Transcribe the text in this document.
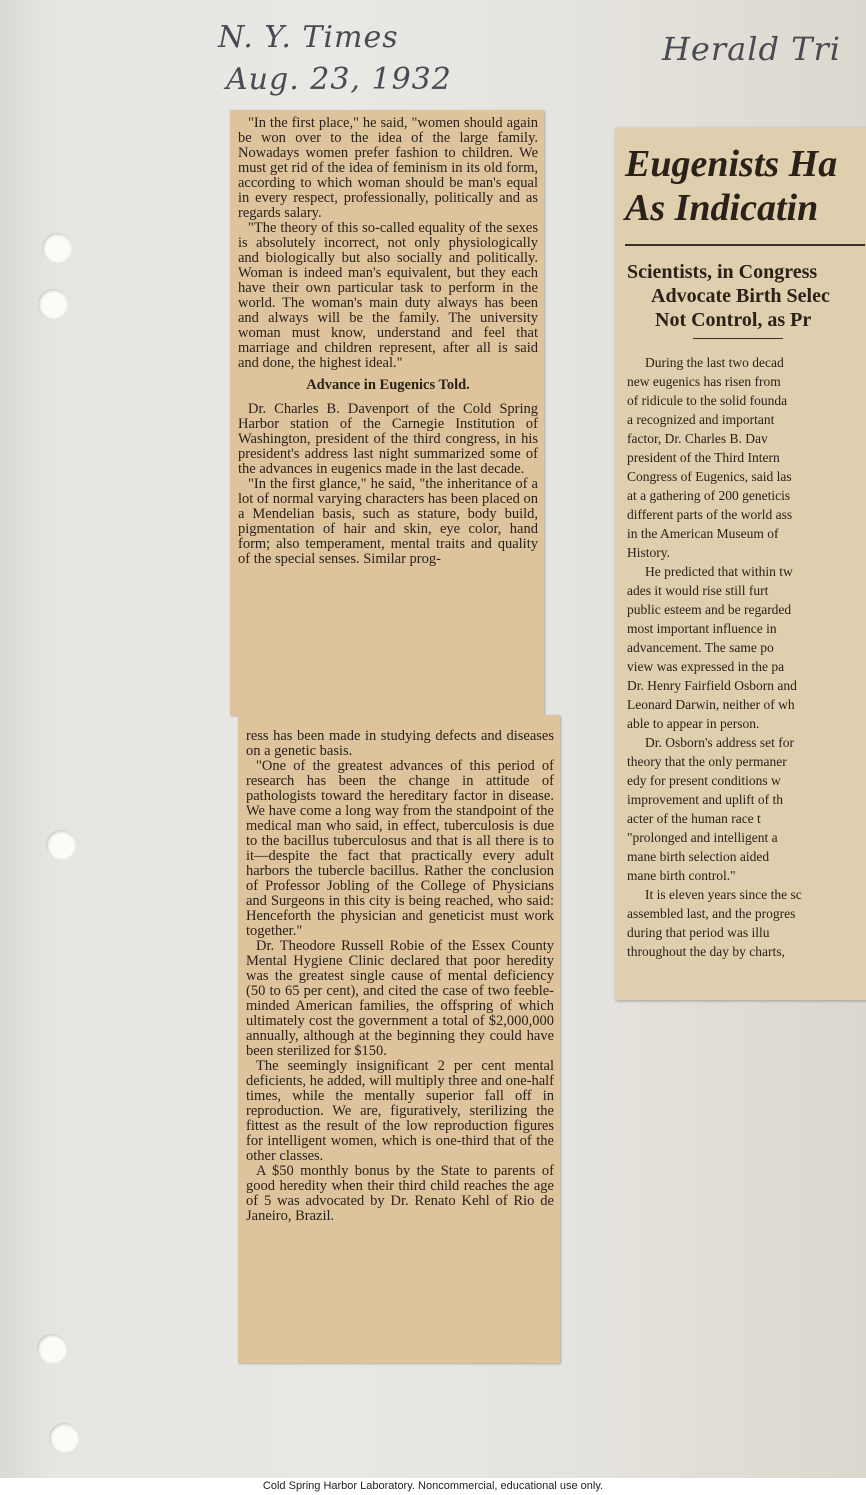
N. Y. Times
Aug. 23, 1932
Herald Tri

"In the first place," he said, "women should again be won over to the idea of the large family. Nowadays women prefer fashion to children. We must get rid of the idea of feminism in its old form, according to which woman should be man's equal in every respect, professionally, politically and as regards salary.

"The theory of this so-called equality of the sexes is absolutely incorrect, not only physiologically and biologically but also socially and politically. Woman is indeed man's equivalent, but they each have their own particular task to perform in the world. The woman's main duty always has been and always will be the family. The university woman must know, understand and feel that marriage and children represent, after all is said and done, the highest ideal."

Advance in Eugenics Told.

Dr. Charles B. Davenport of the Cold Spring Harbor station of the Carnegie Institution of Washington, president of the third congress, in his president's address last night summarized some of the advances in eugenics made in the last decade.

"In the first glance," he said, "the inheritance of a lot of normal varying characters has been placed on a Mendelian basis, such as stature, body build, pigmentation of hair and skin, eye color, hand form; also temperament, mental traits and quality of the special senses. Similar prog-

ress has been made in studying defects and diseases on a genetic basis.

"One of the greatest advances of this period of research has been the change in attitude of pathologists toward the hereditary factor in disease. We have come a long way from the standpoint of the medical man who said, in effect, tuberculosis is due to the bacillus tuberculosus and that is all there is to it—despite the fact that practically every adult harbors the tubercle bacillus. Rather the conclusion of Professor Jobling of the College of Physicians and Surgeons in this city is being reached, who said: Henceforth the physician and geneticist must work together."

Dr. Theodore Russell Robie of the Essex County Mental Hygiene Clinic declared that poor heredity was the greatest single cause of mental deficiency (50 to 65 per cent), and cited the case of two feeble-minded American families, the offspring of which ultimately cost the government a total of $2,000,000 annually, although at the beginning they could have been sterilized for $150.

The seemingly insignificant 2 per cent mental deficients, he added, will multiply three and one-half times, while the mentally superior fall off in reproduction. We are, figuratively, sterilizing the fittest as the result of the low reproduction figures for intelligent women, which is one-third that of the other classes.

A $50 monthly bonus by the State to parents of good heredity when their third child reaches the age of 5 was advocated by Dr. Renato Kehl of Rio de Janeiro, Brazil.

Eugenists Ha
As Indicatin
Scientists, in Congress
Advocate Birth Selec
Not Control, as Pr

During the last two decad

new eugenics has risen from

of ridicule to the solid founda

a recognized and important

factor, Dr. Charles B. Dav

president of the Third Intern

Congress of Eugenics, said las

at a gathering of 200 geneticis

different parts of the world ass

in the American Museum of

History.

He predicted that within tw

ades it would rise still furt

public esteem and be regarded

most important influence in

advancement. The same po

view was expressed in the pa

Dr. Henry Fairfield Osborn and

Leonard Darwin, neither of wh

able to appear in person.

Dr. Osborn's address set for

theory that the only permaner

edy for present conditions w

improvement and uplift of th

acter of the human race t

"prolonged and intelligent a

mane birth selection aided

mane birth control."

It is eleven years since the sc

assembled last, and the progres

during that period was illu

throughout the day by charts,

Cold Spring Harbor Laboratory. Noncommercial, educational use only.
